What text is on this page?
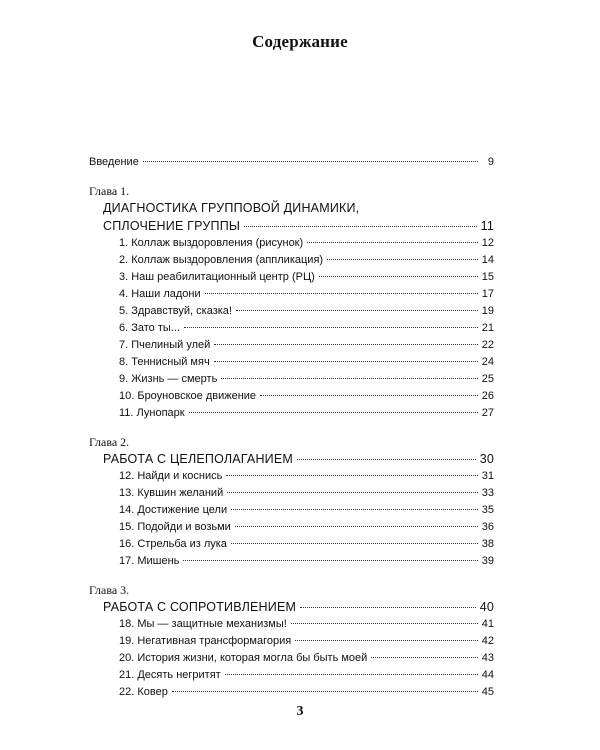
Содержание
Введение	9
Глава 1.
ДИАГНОСТИКА ГРУППОВОЙ ДИНАМИКИ,
СПЛОЧЕНИЕ ГРУППЫ	11
1. Коллаж выздоровления (рисунок)	12
2. Коллаж выздоровления (аппликация)	14
3. Наш реабилитационный центр (РЦ)	15
4. Наши ладони	17
5. Здравствуй, сказка!	19
6. Зато ты...	21
7. Пчелиный улей	22
8. Теннисный мяч	24
9. Жизнь — смерть	25
10. Броуновское движение	26
11. Лунопарк	27
Глава 2.
РАБОТА С ЦЕЛЕПОЛАГАНИЕМ	30
12. Найди и коснись	31
13. Кувшин желаний	33
14. Достижение цели	35
15. Подойди и возьми	36
16. Стрельба из лука	38
17. Мишень	39
Глава 3.
РАБОТА С СОПРОТИВЛЕНИЕМ	40
18. Мы — защитные механизмы!	41
19. Негативная трансформагория	42
20. История жизни, которая могла бы быть моей	43
21. Десять негритят	44
22. Ковер	45
3
